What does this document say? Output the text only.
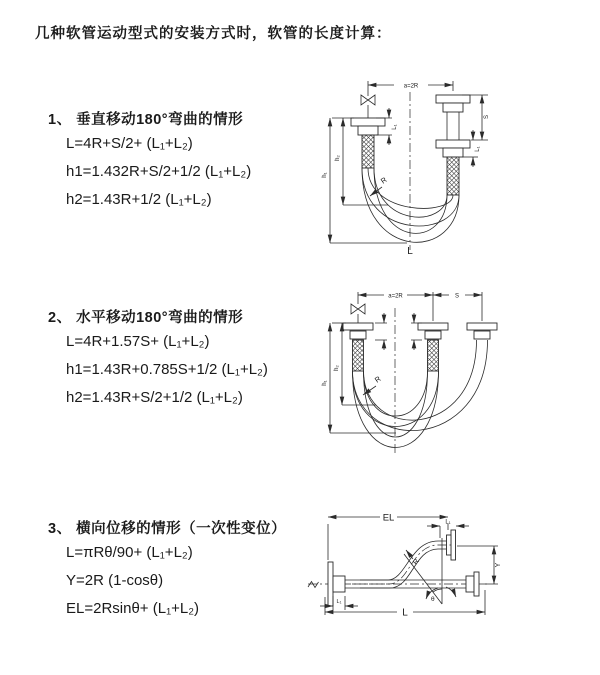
几种软管运动型式的安装方式时，软管的长度计算：
1、 垂直移动180°弯曲的情形

L=4R+S/2+ (L₁+L₂)

h1=1.432R+S/2+1/2 (L₁+L₂)

h2=1.43R+1/2 (L₁+L₂)

2、 水平移动180°弯曲的情形

L=4R+1.57S+ (L₁+L₂)

h1=1.43R+0.785S+1/2 (L₁+L₂)

h2=1.43R+S/2+1/2 (L₁+L₂)

3、 横向位移的情形（一次性变位）

L=πRθ/90+ (L₁+L₂)

Y=2R (1-cosθ)

EL=2Rsinθ+ (L₁+L₂)

a=2R
h₁
h₂
L₁
S
L₁
R
L
a=2R	S
h₁
h₂
R
EL	L₁
Y
R
θ
L₁
L
